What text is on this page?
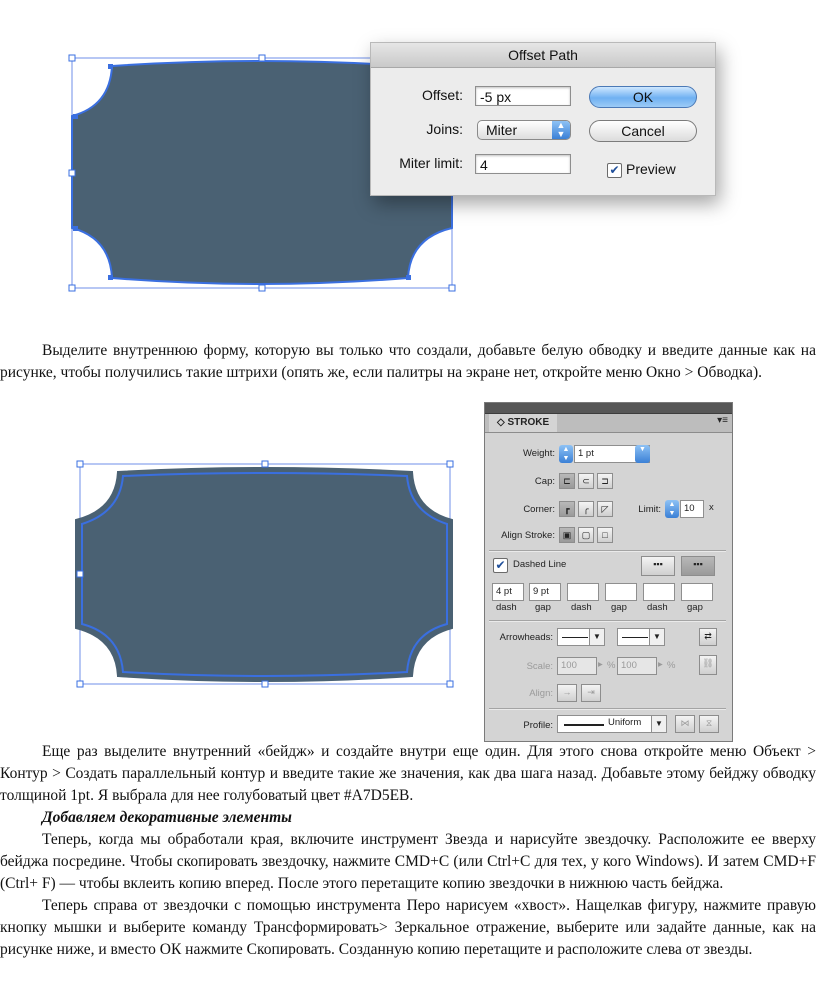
Offset Path
Offset:	-5 px
Joins:	Miter	▲
▼
Miter limit:	4
OK
Cancel
✔ Preview

Выделите внутреннюю форму, которую вы только что создали, добавьте белую обводку и введите данные как на рисунке, чтобы получились такие штрихи (опять же, если палитры на экране нет, откройте меню Окно > Обводка).

◇ STROKE	▾≡
Weight:	▲
▼ 1 pt	▼
Cap: ⊏	⊂	⊐
Corner:	┏	╭	◸	Limit:	▲
▼ 10	x
Align Stroke: ▣	▢	□
✔ Dashed Line	▪▪▪	▪▪▪
4 pt	9 pt
dash gap dash gap dash gap
Arrowheads:	▼	▼	⇄
Scale: 100	▸ % 100	▸ %	⛓
Align:	→	⇥
Profile:	Uniform	▼	⋈	⧖

Еще раз выделите внутренний «бейдж» и создайте внутри еще один. Для этого снова откройте меню Объект > Контур > Создать параллельный контур и введите такие же значения, как два шага назад. Добавьте этому бейджу обводку толщиной 1pt. Я выбрала для нее голубоватый цвет #A7D5EB.

Добавляем декоративные элементы

Теперь, когда мы обработали края, включите инструмент Звезда и нарисуйте звездочку. Расположите ее вверху бейджа посредине. Чтобы скопировать звездочку, нажмите CMD+C (или Ctrl+C для тех, у кого Windows). И затем CMD+F (Ctrl+ F) — чтобы вклеить копию вперед. После этого перетащите копию звездочки в нижнюю часть бейджа.

Теперь справа от звездочки с помощью инструмента Перо нарисуем «хвост». Нащелкав фигуру, нажмите правую кнопку мышки и выберите команду Трансформировать> Зеркальное отражение, выберите или задайте данные, как на рисунке ниже, и вместо ОК нажмите Скопировать. Созданную копию перетащите и расположите слева от звезды.
